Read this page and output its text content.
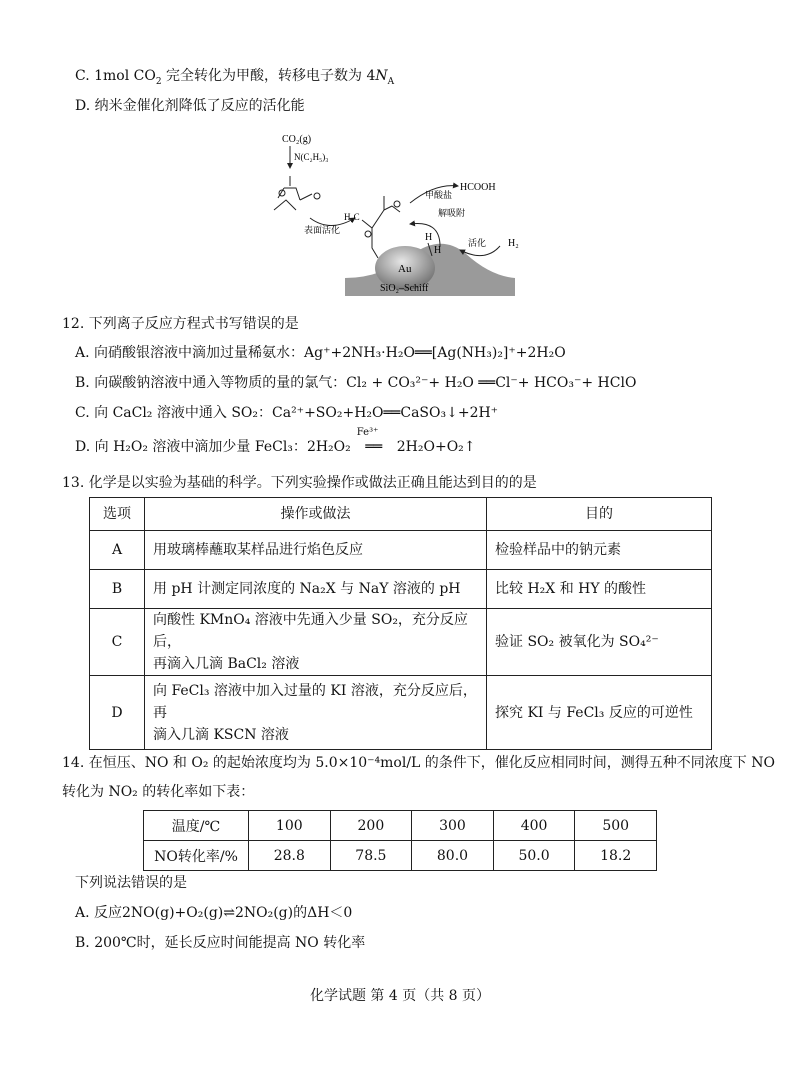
C. 1mol $CO_2$ 完全转化为甲酸，转移电子数为 $4N_A$
D. 纳米金催化剂降低了反应的活化能
Au
SiO₂–Schiff
CO₂(g)
N(C₂H₅)₃
表面活化
H₂C
H
H
活化 H₂
甲酸盐
解吸附
HCOOH
12. 下列离子反应方程式书写错误的是
A. 向硝酸银溶液中滴加过量稀氨水：Ag⁺+2NH₃·H₂O══[Ag(NH₃)₂]⁺+2H₂O
B. 向碳酸钠溶液中通入等物质的量的氯气：Cl₂ + CO₃²⁻+ H₂O ══Cl⁻+ HCO₃⁻+ HClO
C. 向 CaCl₂ 溶液中通入 SO₂：Ca²⁺+SO₂+H₂O══CaSO₃↓+2H⁺
D. 向 H₂O₂ 溶液中滴加少量 FeCl₃：2H₂O₂
Fe³⁺
══ 2H₂O+O₂↑
13. 化学是以实验为基础的科学。下列实验操作或做法正确且能达到目的的是
选项	操作或做法	目的
A	用玻璃棒蘸取某样品进行焰色反应	检验样品中的钠元素
B	用 pH 计测定同浓度的 Na₂X 与 NaY 溶液的 pH	比较 H₂X 和 HY 的酸性
C	向酸性 KMnO₄ 溶液中先通入少量 SO₂，充分反应后，
再滴入几滴 BaCl₂ 溶液	验证 SO₂ 被氧化为 SO₄²⁻
D	向 FeCl₃ 溶液中加入过量的 KI 溶液，充分反应后，再
滴入几滴 KSCN 溶液	探究 KI 与 FeCl₃ 反应的可逆性
14. 在恒压、NO 和 O₂ 的起始浓度均为 5.0×10⁻⁴mol/L 的条件下，催化反应相同时间，测得五种不同浓度下 NO
转化为 NO₂ 的转化率如下表：
温度/℃	100	200	300	400	500
NO转化率/%	28.8	78.5	80.0	50.0	18.2
下列说法错误的是
A. 反应2NO(g)+O₂(g)⇌2NO₂(g)的ΔH＜0
B. 200℃时，延长反应时间能提高 NO 转化率
化学试题 第 4 页（共 8 页）
